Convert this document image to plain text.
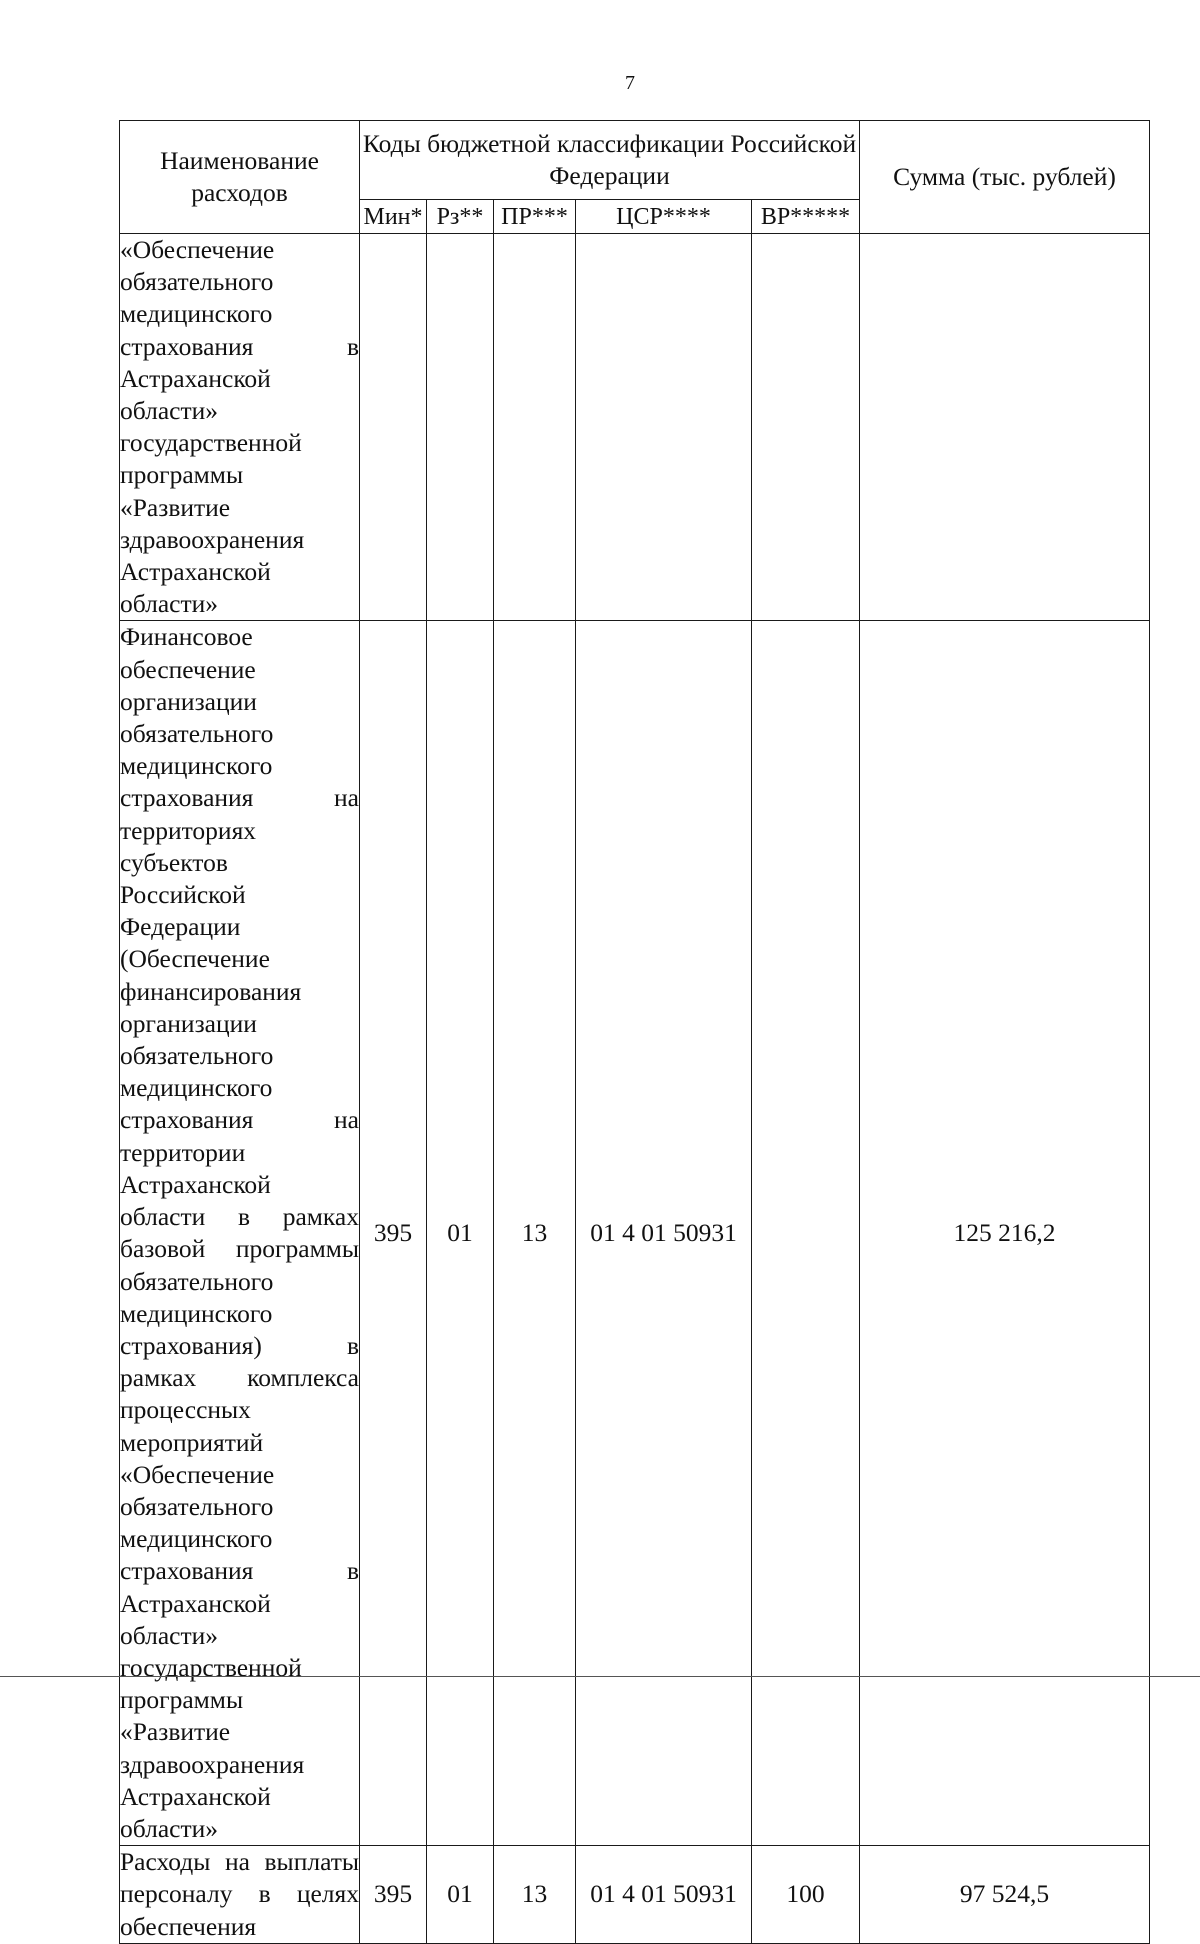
7
Наименование расходов	Коды бюджетной классификации Российской Федерации					Сумма (тыс. рублей)
	Мин*	Рз**	ПР***	ЦСР****	ВР*****	
«Обеспечение обязательного медицинского страхования в Астраханской области» государственной программы «Развитие здравоохранения Астраханской области»						
Финансовое обеспечение организации обязательного медицинского страхования на территориях субъектов Российской Федерации (Обеспечение финансирования организации обязательного медицинского страхования на территории Астраханской области в рамках базовой программы обязательного медицинского страхования) в рамках комплекса процессных мероприятий «Обеспечение обязательного медицинского страхования в Астраханской области» государственной программы «Развитие здравоохранения Астраханской области»	395	01	13	01 4 01 50931		125 216,2
Расходы на выплаты персоналу в целях обеспечения	395	01	13	01 4 01 50931	100	97 524,5
